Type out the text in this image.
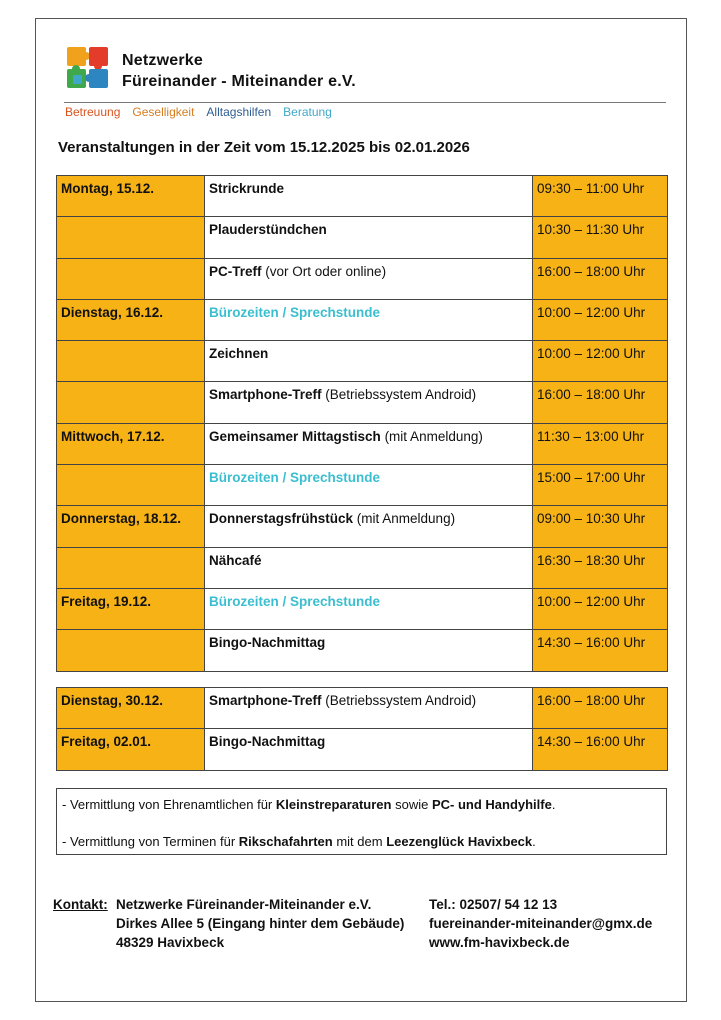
Netzwerke
Füreinander - Miteinander e.V.
Betreuung Geselligkeit Alltagshilfen Beratung
Veranstaltungen in der Zeit vom 15.12.2025 bis 02.01.2026
Montag, 15.12.	Strickrunde	09:30 – 11:00 Uhr
	Plauderstündchen	10:30 – 11:30 Uhr
	PC-Treff (vor Ort oder online)	16:00 – 18:00 Uhr
Dienstag, 16.12.	Bürozeiten / Sprechstunde	10:00 – 12:00 Uhr
	Zeichnen	10:00 – 12:00 Uhr
	Smartphone-Treff (Betriebssystem Android)	16:00 – 18:00 Uhr
Mittwoch, 17.12.	Gemeinsamer Mittagstisch (mit Anmeldung)	11:30 – 13:00 Uhr
	Bürozeiten / Sprechstunde	15:00 – 17:00 Uhr
Donnerstag, 18.12.	Donnerstagsfrühstück (mit Anmeldung)	09:00 – 10:30 Uhr
	Nähcafé	16:30 – 18:30 Uhr
Freitag, 19.12.	Bürozeiten / Sprechstunde	10:00 – 12:00 Uhr
	Bingo-Nachmittag	14:30 – 16:00 Uhr
Dienstag, 30.12.	Smartphone-Treff (Betriebssystem Android)	16:00 – 18:00 Uhr
Freitag, 02.01.	Bingo-Nachmittag	14:30 – 16:00 Uhr

- Vermittlung von Ehrenamtlichen für Kleinstreparaturen sowie PC- und Handyhilfe.

- Vermittlung von Terminen für Rikschafahrten mit dem Leezenglück Havixbeck.

Kontakt: Netzwerke Füreinander-Miteinander e.V.
Dirkes Allee 5 (Eingang hinter dem Gebäude)
48329 Havixbeck
Tel.: 02507/ 54 12 13
fuereinander-miteinander@gmx.de
www.fm-havixbeck.de
